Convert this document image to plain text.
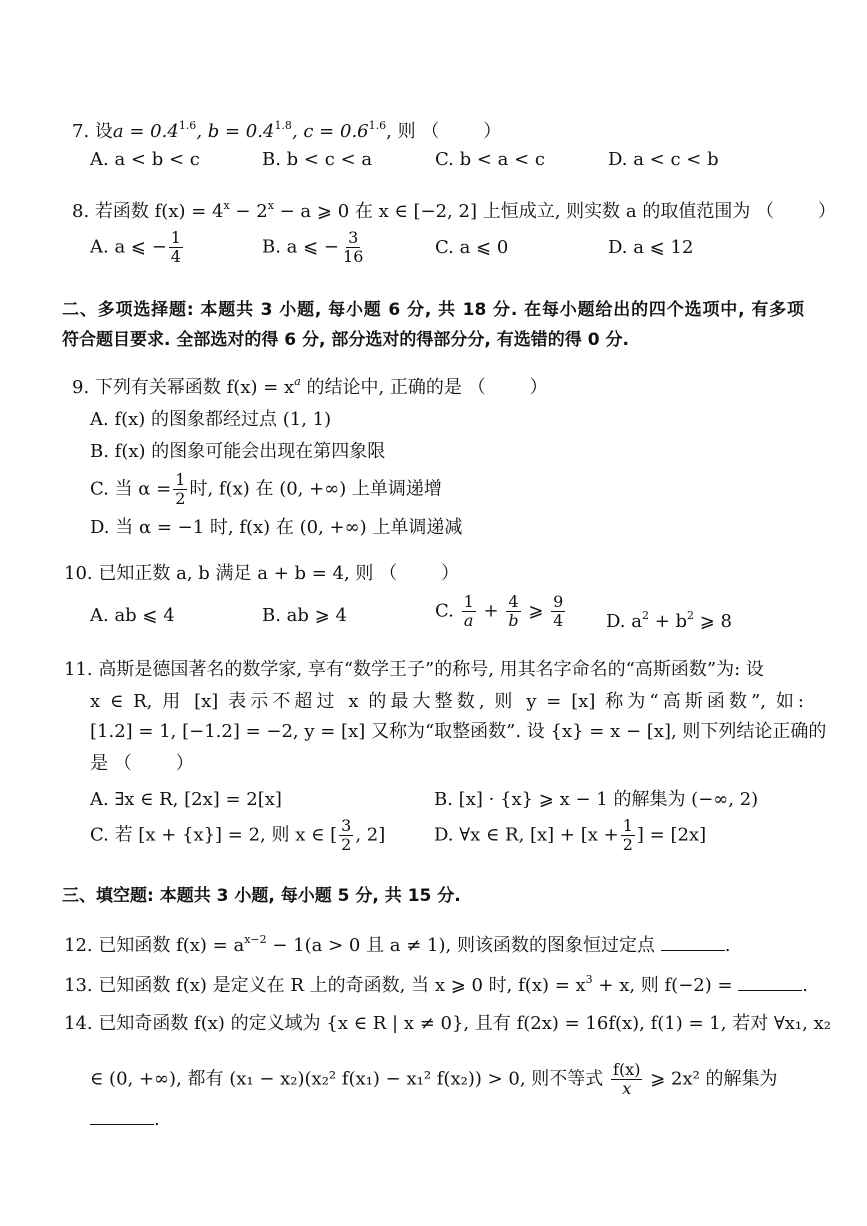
7. 设$a = 0.4^{1.6}$, $b = 0.4^{1.8}$, $c = 0.6^{1.6}$, 则 （ ）
A. a < b < c	B. b < c < a	C. b < a < c	D. a < c < b
8. 若函数 $f(x) = 4^x - 2^x - a$ ⩾ 0 在 x ∈ [−2, 2] 上恒成立, 则实数 a 的取值范围为 （ ）
A. a ⩽ − $\frac{1}{4}$	B. a ⩽ − $\frac{3}{16}$	C. a ⩽ 0	D. a ⩽ 12
二、多项选择题: 本题共 3 小题, 每小题 6 分, 共 18 分. 在每小题给出的四个选项中, 有多项
符合题目要求. 全部选对的得 6 分, 部分选对的得部分分, 有选错的得 0 分.
9. 下列有关幂函数 $f(x) = x^a$ 的结论中, 正确的是 （ ）
A. f(x) 的图象都经过点 (1, 1)
B. f(x) 的图象可能会出现在第四象限
C. 当 $\alpha = \frac{1}{2}$ 时, f(x) 在 (0, +∞) 上单调递增
D. 当 α = −1 时, f(x) 在 (0, +∞) 上单调递减
10. 已知正数 a, b 满足 a + b = 4, 则 （ ）
A. ab ⩽ 4	B. ab ⩾ 4	C. $\frac{1}{a} + \frac{4}{b}$ ⩾ $\frac{9}{4} D$. $a^2 + b^2$ ⩾ 8
11. 高斯是德国著名的数学家, 享有“数学王子”的称号, 用其名字命名的“高斯函数”为: 设
x ∈ R, 用 [x] 表示不超过 x 的最大整数, 则 y = [x] 称为“高斯函数”, 如:
[1.2] = 1, [−1.2] = −2, y = [x] 又称为“取整函数”. 设 {x} = x − [x], 则下列结论正确的
是 （ ）
A. ∃x ∈ R, [2x] = 2[x]	B. [x] · {x} ⩾ x − 1 的解集为 (−∞, 2)
C. 若 [x + {x}] = 2, 则 x ∈ [ $\frac{3}{2}$ , 2]	D. ∀x ∈ R, $[x] + [x + \frac{1}{2}$ ] = [2x]
三、填空题: 本题共 3 小题, 每小题 5 分, 共 15 分.
12. 已知函数 $f(x) = a^{x-2} - 1(a > 0$ 且 a ≠ 1), 则该函数的图象恒过定点	.
13. 已知函数 f(x) 是定义在 R 上的奇函数, 当 x ⩾ 0 时, $f(x) = x^3 + x$, 则 f(−2) =	.
14. 已知奇函数 f(x) 的定义域为 {x ∈ R | x ≠ 0}, 且有 f(2x) = 16f(x), f(1) = 1, 若对 ∀x₁, x₂
∈ (0, +∞), 都有 (x₁ − x₂)(x₂² f(x₁) − x₁² f(x₂)) > 0, 则不等式 $\frac{f(x)}{x}$ ⩾ 2x² 的解集为
.
